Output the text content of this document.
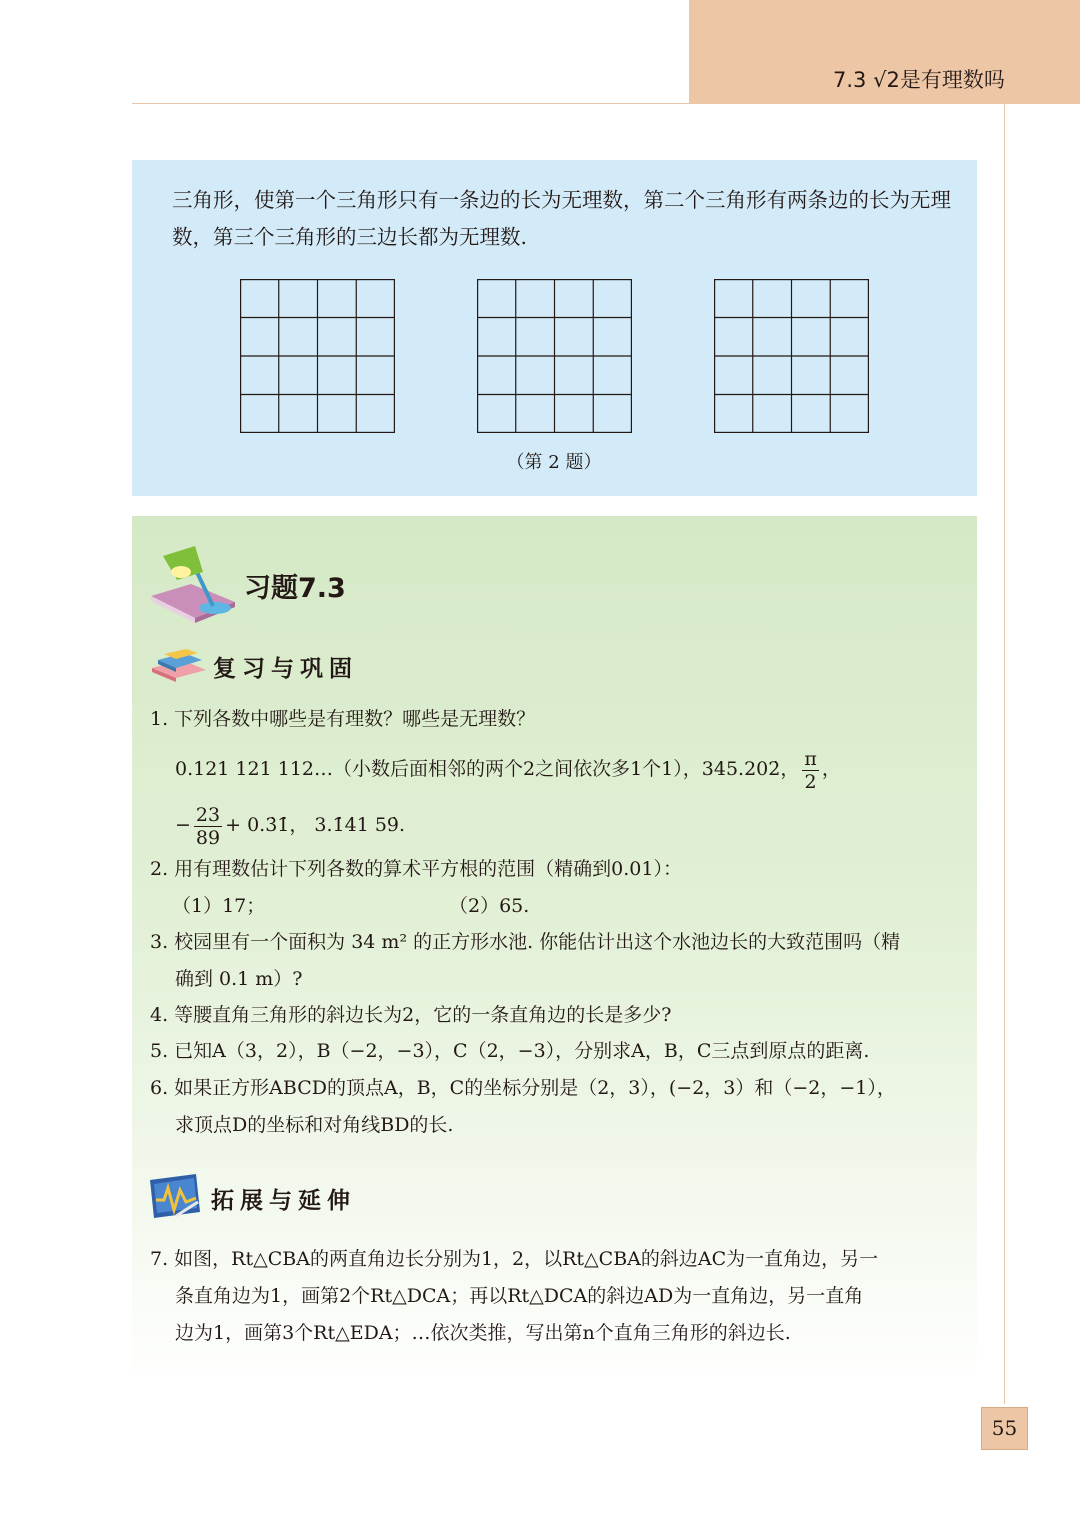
7.3 √2是有理数吗
三角形，使第一个三角形只有一条边的长为无理数，第二个三角形有两条边的长为无理数，第三个三角形的三边长都为无理数.
（第 2 题）
习题7.3
复习与巩固
1. 下列各数中哪些是有理数？哪些是无理数？
0.121 121 112…（小数后面相邻的两个2之间依次多1个1），345.202̇， $\frac{\pi}{2}$ ，
− $\frac{23}{89}$ + 0.3̇1̇， 3.1̇41 59̇.
2. 用有理数估计下列各数的算术平方根的范围（精确到0.01）：
（1）17；	（2）65.
3. 校园里有一个面积为 34 m² 的正方形水池. 你能估计出这个水池边长的大致范围吗（精
确到 0.1 m）?
4. 等腰直角三角形的斜边长为2，它的一条直角边的长是多少?
5. 已知A（3，2），B（−2，−3），C（2，−3），分别求A，B，C三点到原点的距离.
6. 如果正方形ABCD的顶点A，B，C的坐标分别是（2，3），(−2，3）和（−2，−1），
求顶点D的坐标和对角线BD的长.
拓展与延伸
7. 如图，Rt△CBA的两直角边长分别为1，2，以Rt△CBA的斜边AC为一直角边，另一
条直角边为1，画第2个Rt△DCA；再以Rt△DCA的斜边AD为一直角边，另一直角
边为1，画第3个Rt△EDA；…依次类推，写出第n个直角三角形的斜边长.
55
